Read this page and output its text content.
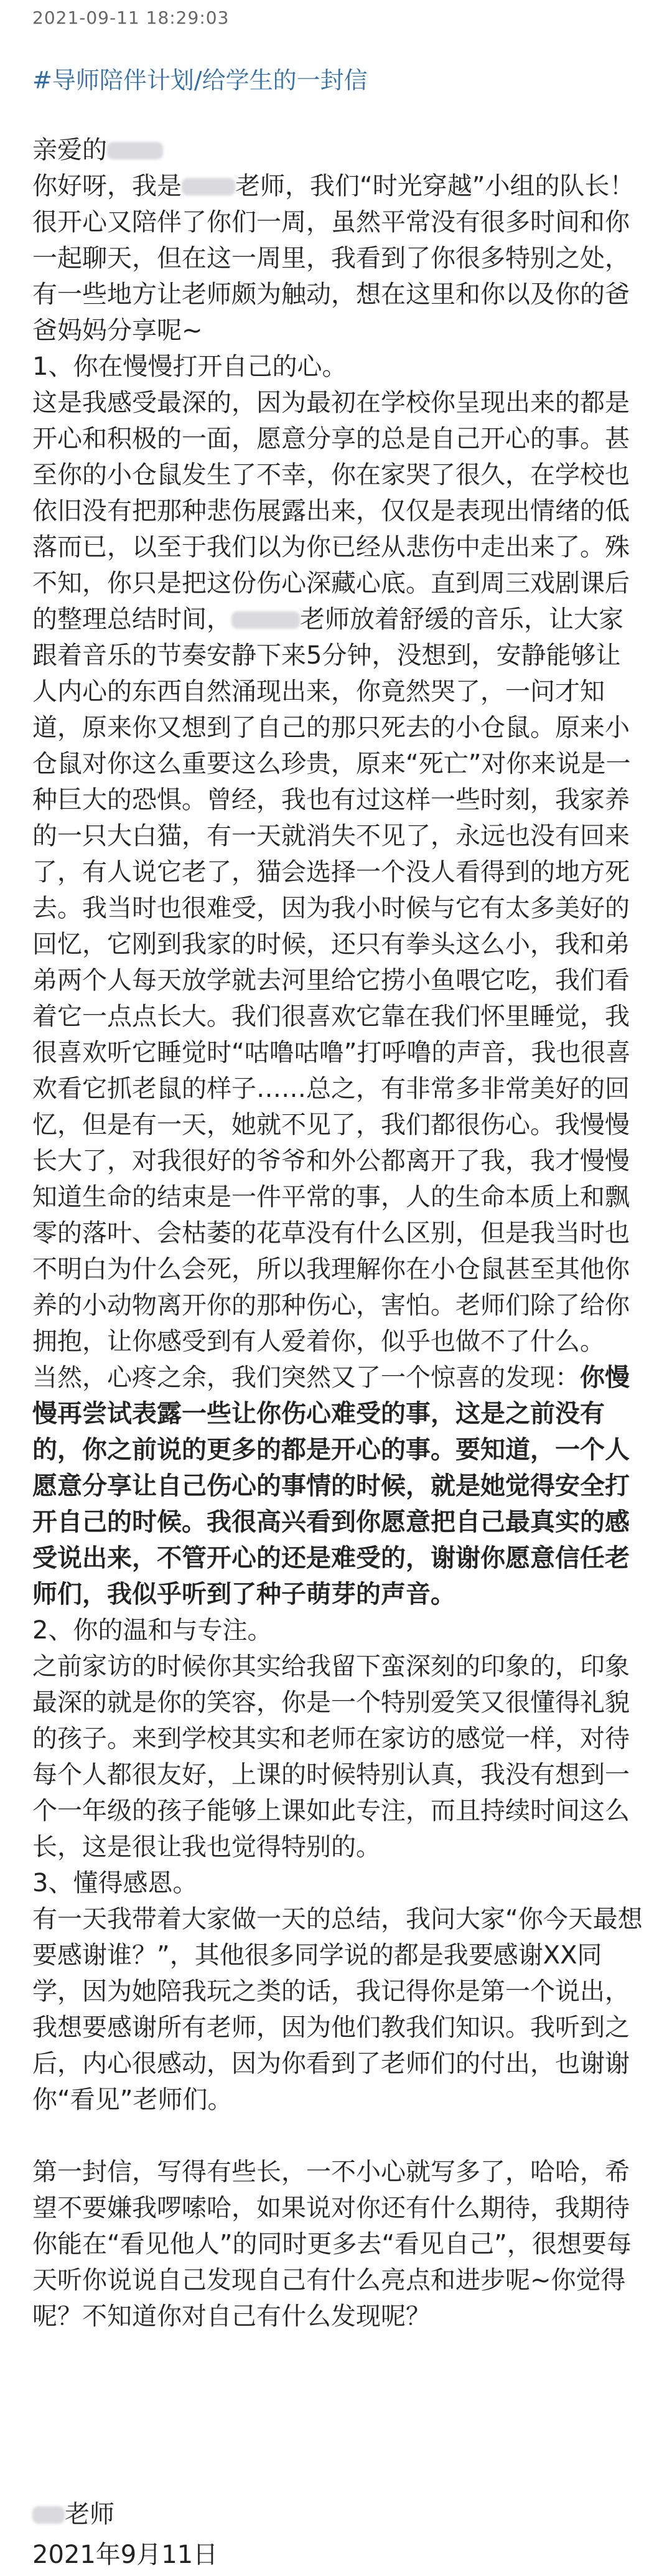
2021-09-11 18:29:03
#导师陪伴计划/给学生的一封信

亲爱的

你好呀，我是 老师，我们“时光穿越”小组的队长！很开心又陪伴了你们一周，虽然平常没有很多时间和你一起聊天，但在这一周里，我看到了你很多特别之处，有一些地方让老师颇为触动，想在这里和你以及你的爸爸妈妈分享呢~

1、你在慢慢打开自己的心。

这是我感受最深的，因为最初在学校你呈现出来的都是开心和积极的一面，愿意分享的总是自己开心的事。甚至你的小仓鼠发生了不幸，你在家哭了很久，在学校也依旧没有把那种悲伤展露出来，仅仅是表现出情绪的低落而已，以至于我们以为你已经从悲伤中走出来了。殊不知，你只是把这份伤心深藏心底。直到周三戏剧课后的整理总结时间，	老师放着舒缓的音乐，让大家跟着音乐的节奏安静下来5分钟，没想到，安静能够让人内心的东西自然涌现出来，你竟然哭了，一问才知道，原来你又想到了自己的那只死去的小仓鼠。原来小仓鼠对你这么重要这么珍贵，原来“死亡”对你来说是一种巨大的恐惧。曾经，我也有过这样一些时刻，我家养的一只大白猫，有一天就消失不见了，永远也没有回来了，有人说它老了，猫会选择一个没人看得到的地方死去。我当时也很难受，因为我小时候与它有太多美好的回忆，它刚到我家的时候，还只有拳头这么小，我和弟弟两个人每天放学就去河里给它捞小鱼喂它吃，我们看着它一点点长大。我们很喜欢它靠在我们怀里睡觉，我很喜欢听它睡觉时“咕噜咕噜”打呼噜的声音，我也很喜欢看它抓老鼠的样子……总之，有非常多非常美好的回忆，但是有一天，她就不见了，我们都很伤心。我慢慢长大了，对我很好的爷爷和外公都离开了我，我才慢慢知道生命的结束是一件平常的事，人的生命本质上和飘零的落叶、会枯萎的花草没有什么区别，但是我当时也不明白为什么会死，所以我理解你在小仓鼠甚至其他你养的小动物离开你的那种伤心，害怕。老师们除了给你拥抱，让你感受到有人爱着你，似乎也做不了什么。

当然，心疼之余，我们突然又了一个惊喜的发现：你慢慢再尝试表露一些让你伤心难受的事，这是之前没有的，你之前说的更多的都是开心的事。要知道，一个人愿意分享让自己伤心的事情的时候，就是她觉得安全打开自己的时候。我很高兴看到你愿意把自己最真实的感受说出来，不管开心的还是难受的，谢谢你愿意信任老师们，我似乎听到了种子萌芽的声音。

2、你的温和与专注。

之前家访的时候你其实给我留下蛮深刻的印象的，印象最深的就是你的笑容，你是一个特别爱笑又很懂得礼貌的孩子。来到学校其实和老师在家访的感觉一样，对待每个人都很友好，上课的时候特别认真，我没有想到一个一年级的孩子能够上课如此专注，而且持续时间这么长，这是很让我也觉得特别的。

3、懂得感恩。

有一天我带着大家做一天的总结，我问大家“你今天最想要感谢谁？”，其他很多同学说的都是我要感谢XX同学，因为她陪我玩之类的话，我记得你是第一个说出，我想要感谢所有老师，因为他们教我们知识。我听到之后，内心很感动，因为你看到了老师们的付出，也谢谢你“看见”老师们。

第一封信，写得有些长，一不小心就写多了，哈哈，希望不要嫌我啰嗦哈，如果说对你还有什么期待，我期待你能在“看见他人”的同时更多去“看见自己”，很想要每天听你说说自己发现自己有什么亮点和进步呢~你觉得呢？不知道你对自己有什么发现呢？

老师
2021年9月11日
